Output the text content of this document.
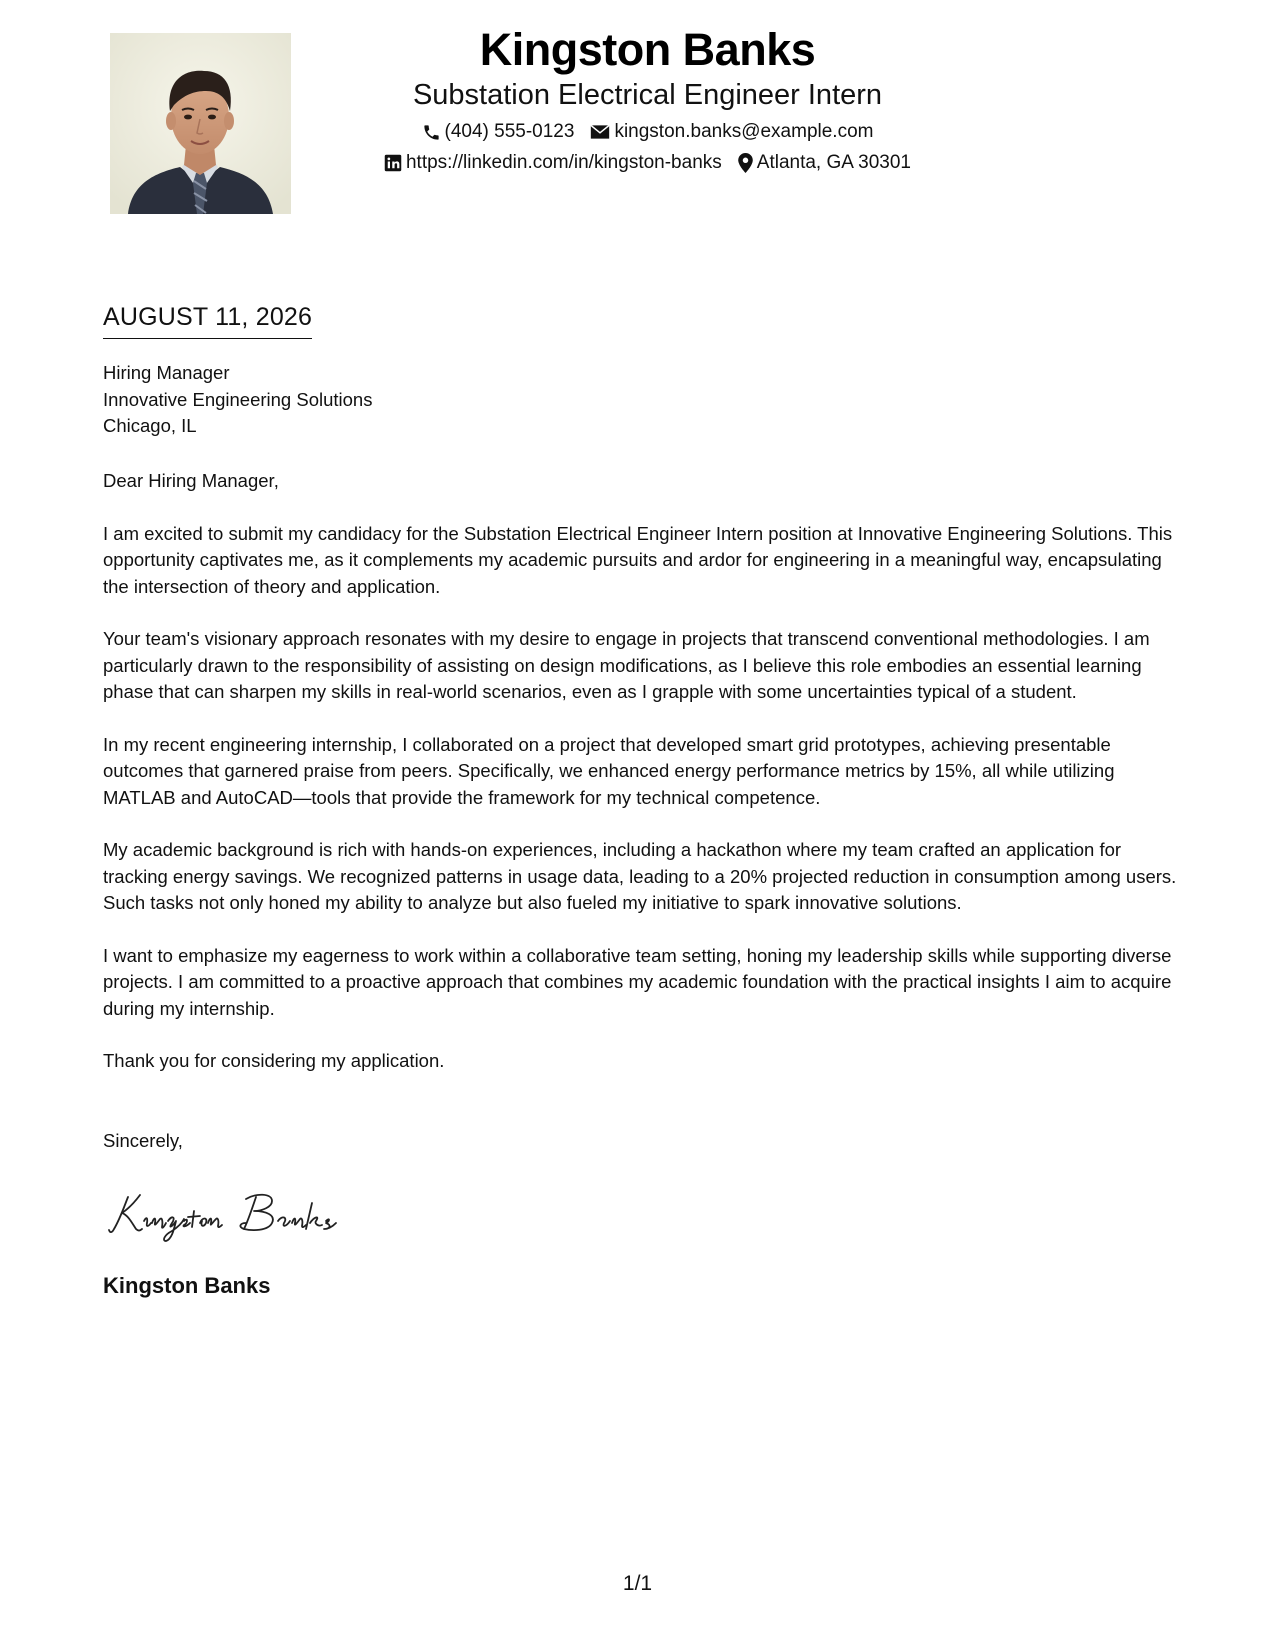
Kingston Banks
Substation Electrical Engineer Intern
(404) 555-0123 kingston.banks@example.com
https://linkedin.com/in/kingston-banks Atlanta, GA 30301
AUGUST 11, 2026
Hiring Manager
Innovative Engineering Solutions
Chicago, IL

Dear Hiring Manager,

I am excited to submit my candidacy for the Substation Electrical Engineer Intern position at Innovative Engineering Solutions. This opportunity captivates me, as it complements my academic pursuits and ardor for engineering in a meaningful way, encapsulating the intersection of theory and application.

Your team's visionary approach resonates with my desire to engage in projects that transcend conventional methodologies. I am particularly drawn to the responsibility of assisting on design modifications, as I believe this role embodies an essential learning phase that can sharpen my skills in real-world scenarios, even as I grapple with some uncertainties typical of a student.

In my recent engineering internship, I collaborated on a project that developed smart grid prototypes, achieving presentable outcomes that garnered praise from peers. Specifically, we enhanced energy performance metrics by 15%, all while utilizing MATLAB and AutoCAD—tools that provide the framework for my technical competence.

My academic background is rich with hands-on experiences, including a hackathon where my team crafted an application for tracking energy savings. We recognized patterns in usage data, leading to a 20% projected reduction in consumption among users. Such tasks not only honed my ability to analyze but also fueled my initiative to spark innovative solutions.

I want to emphasize my eagerness to work within a collaborative team setting, honing my leadership skills while supporting diverse projects. I am committed to a proactive approach that combines my academic foundation with the practical insights I aim to acquire during my internship.

Thank you for considering my application.

Sincerely,
Kingston Banks
1/1
